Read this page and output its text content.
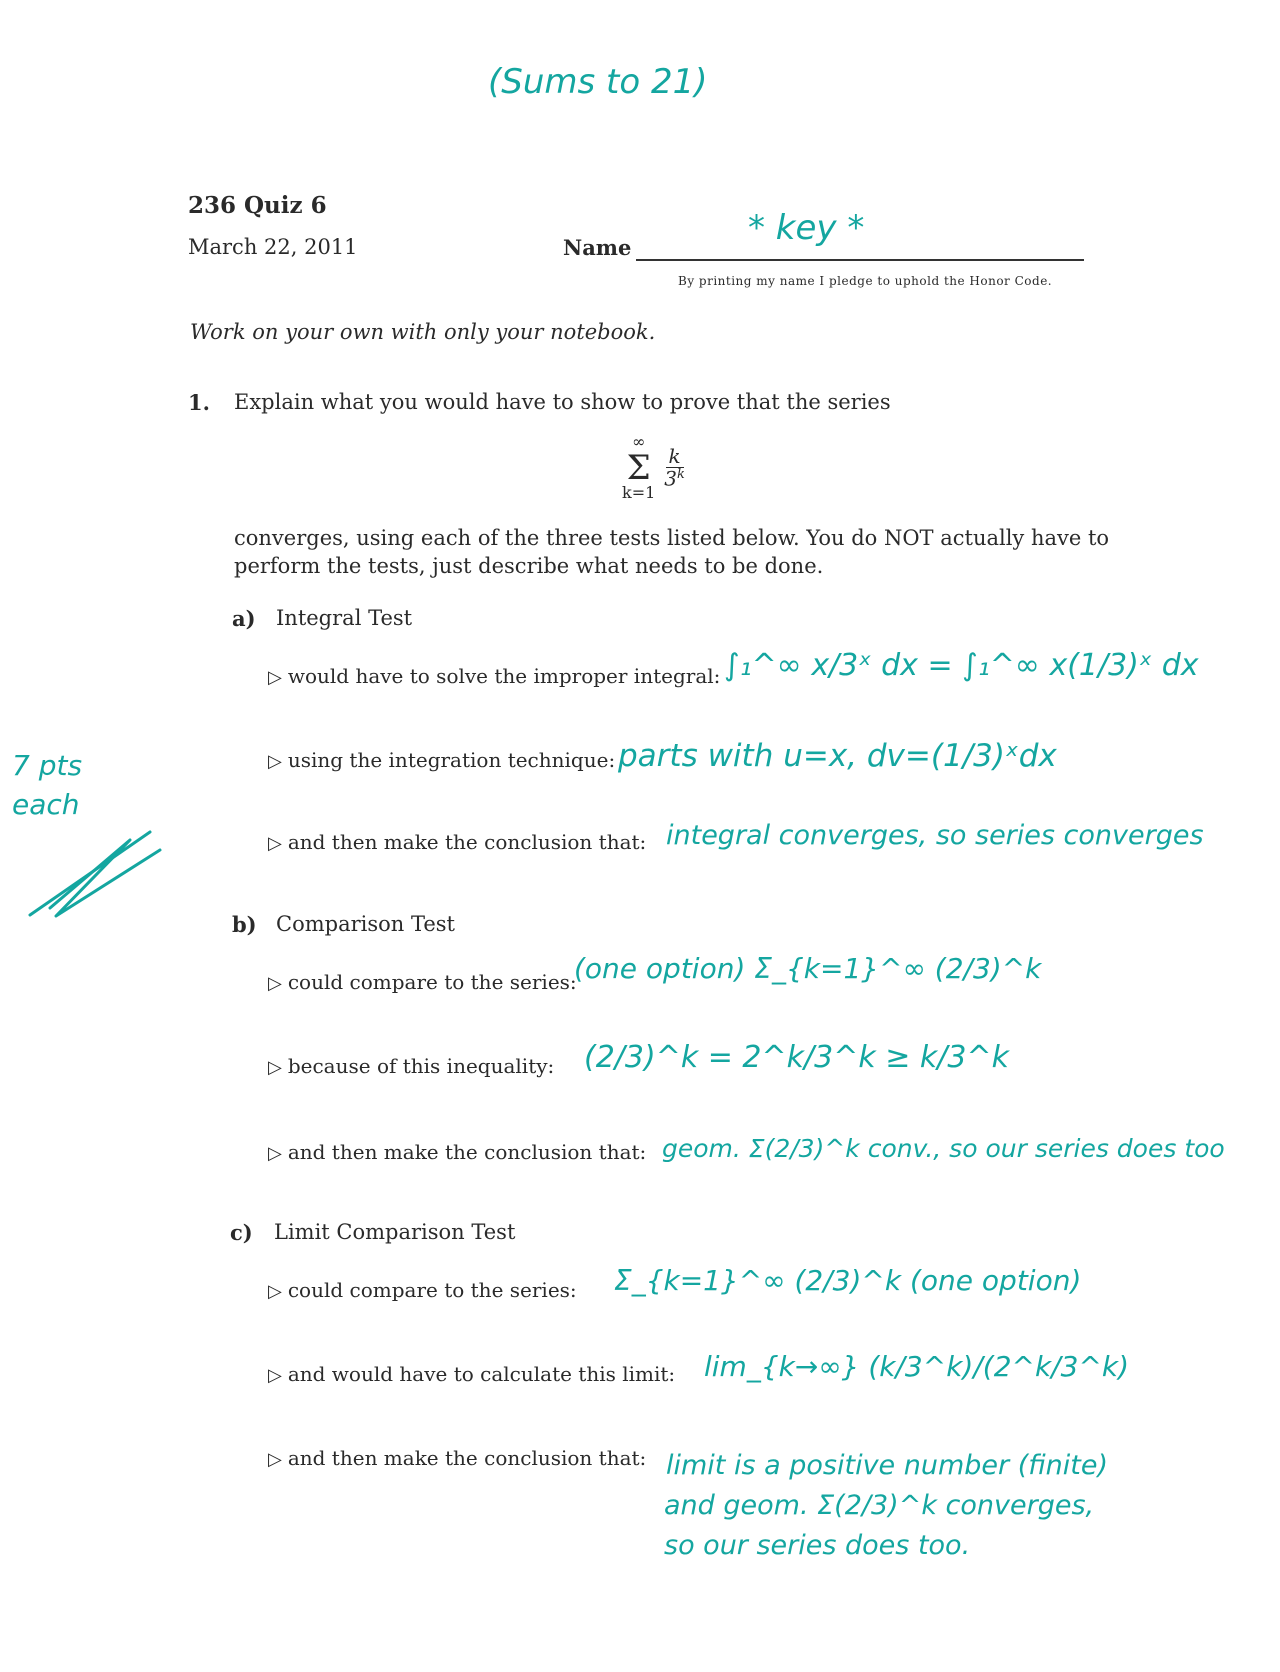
(Sums to 21)
236 Quiz 6
March 22, 2011	Name	* key *
By printing my name I pledge to uphold the Honor Code.
Work on your own with only your notebook.
1. Explain what you would have to show to prove that the series
∞
Σ
k=1
$\frac{k}{3^k}$
converges, using each of the three tests listed below. You do NOT actually have to
perform the tests, just describe what needs to be done.
a) Integral Test
▷ would have to solve the improper integral: ∫₁^∞ x/3ˣ dx = ∫₁^∞ x(1/3)ˣ dx
▷ using the integration technique: parts with u=x, dv=(1/3)ˣdx
▷ and then make the conclusion that: integral converges, so series converges
7 pts each
b) Comparison Test
▷ could compare to the series:
(one option) Σ_{k=1}^∞ (2/3)^k
▷ because of this inequality: (2/3)^k = 2^k/3^k ≥ k/3^k
▷ and then make the conclusion that: geom. Σ(2/3)^k conv., so our series does too
c) Limit Comparison Test
▷ could compare to the series: Σ_{k=1}^∞ (2/3)^k (one option)
▷ and would have to calculate this limit: lim_{k→∞} (k/3^k)/(2^k/3^k)
▷ and then make the conclusion that: limit is a positive number (finite)
and geom. Σ(2/3)^k converges,
so our series does too.
